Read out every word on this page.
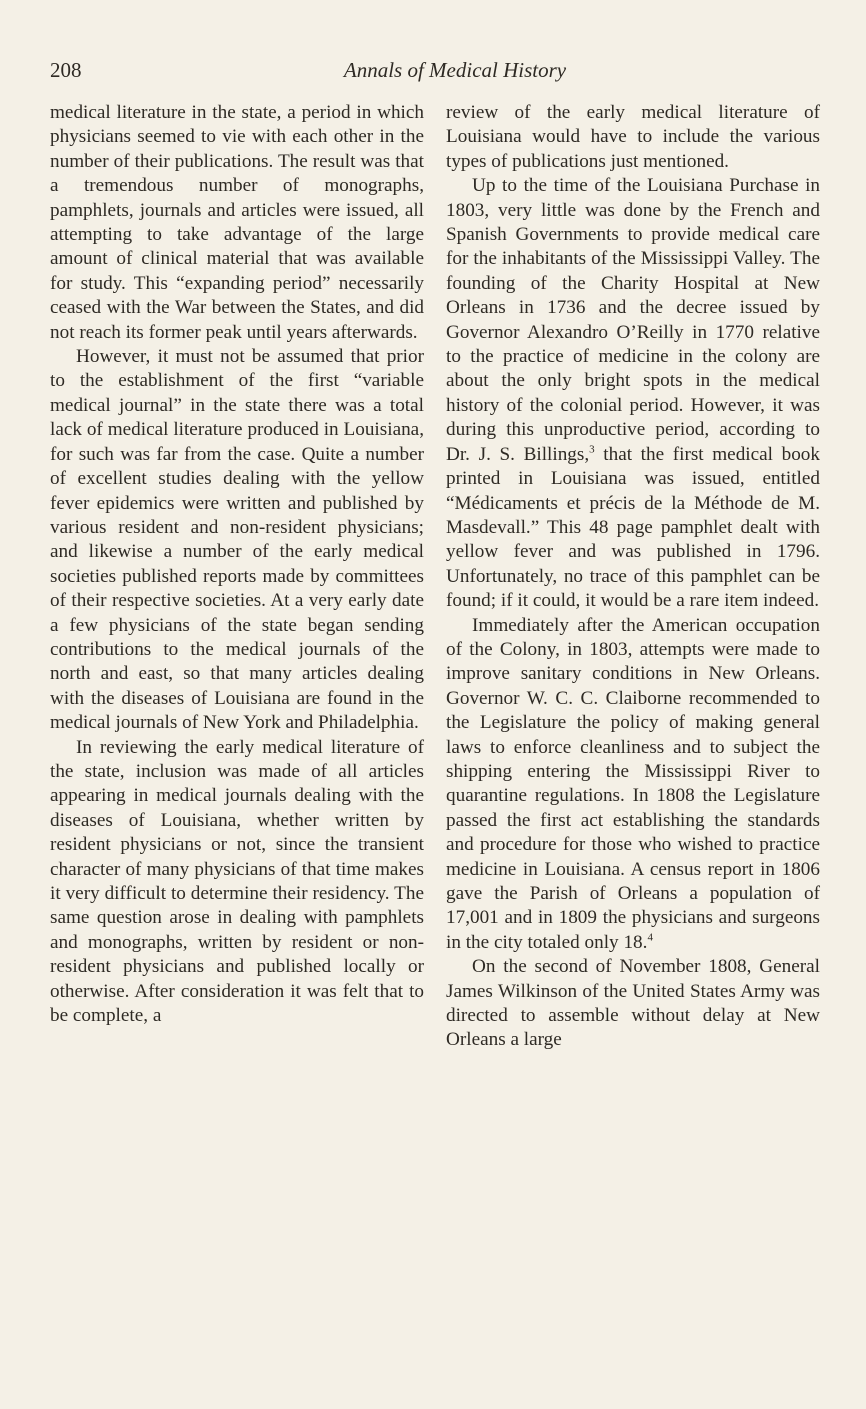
208	Annals of Medical History

medical literature in the state, a period in which physicians seemed to vie with each other in the number of their publications. The result was that a tremendous number of monographs, pamphlets, journals and articles were issued, all attempting to take advantage of the large amount of clinical material that was available for study. This “expanding period” necessarily ceased with the War between the States, and did not reach its former peak until years afterwards.

However, it must not be assumed that prior to the establishment of the first “variable medical journal” in the state there was a total lack of medical literature produced in Louisiana, for such was far from the case. Quite a number of excellent studies dealing with the yellow fever epidemics were written and published by various resident and non-resident physicians; and likewise a number of the early medical societies published reports made by committees of their respective societies. At a very early date a few physicians of the state began sending contributions to the medical journals of the north and east, so that many articles dealing with the diseases of Louisiana are found in the medical journals of New York and Philadelphia.

In reviewing the early medical literature of the state, inclusion was made of all articles appearing in medical journals dealing with the diseases of Louisiana, whether written by resident physicians or not, since the transient character of many physicians of that time makes it very difficult to determine their residency. The same question arose in dealing with pamphlets and monographs, written by resident or non-resident physicians and published locally or otherwise. After consideration it was felt that to be complete, a

review of the early medical literature of Louisiana would have to include the various types of publications just mentioned.

Up to the time of the Louisiana Purchase in 1803, very little was done by the French and Spanish Governments to provide medical care for the inhabitants of the Mississippi Valley. The founding of the Charity Hospital at New Orleans in 1736 and the decree issued by Governor Alexandro O’Reilly in 1770 relative to the practice of medicine in the colony are about the only bright spots in the medical history of the colonial period. However, it was during this unproductive period, according to Dr. J. S. Billings,$^3$ that the first medical book printed in Louisiana was issued, entitled “Médicaments et précis de la Méthode de M. Masdevall.” This 48 page pamphlet dealt with yellow fever and was published in 1796. Unfortunately, no trace of this pamphlet can be found; if it could, it would be a rare item indeed.

Immediately after the American occupation of the Colony, in 1803, attempts were made to improve sanitary conditions in New Orleans. Governor W. C. C. Claiborne recommended to the Legislature the policy of making general laws to enforce cleanliness and to subject the shipping entering the Mississippi River to quarantine regulations. In 1808 the Legislature passed the first act establishing the standards and procedure for those who wished to practice medicine in Louisiana. A census report in 1806 gave the Parish of Orleans a population of 17,001 and in 1809 the physicians and surgeons in the city totaled only 18.$^4$

On the second of November 1808, General James Wilkinson of the United States Army was directed to assemble without delay at New Orleans a large
